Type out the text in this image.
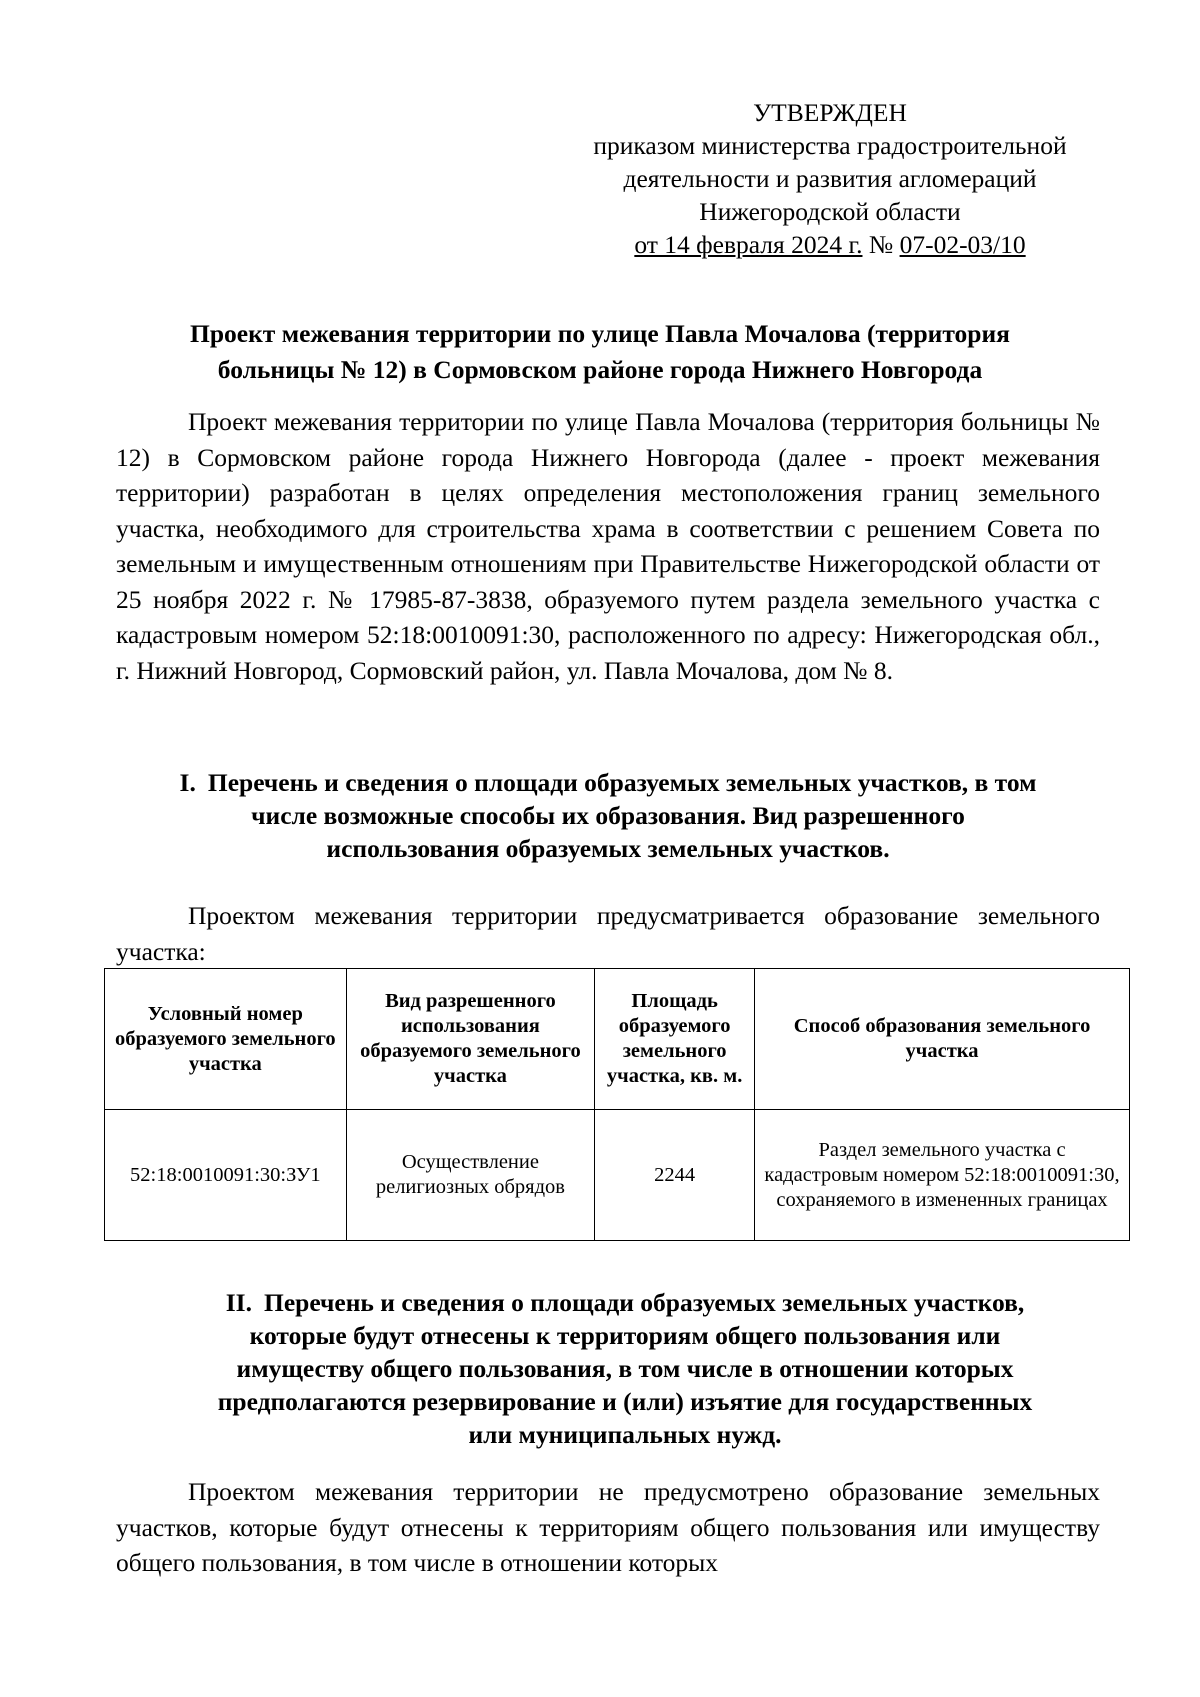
УТВЕРЖДЕН
приказом министерства градостроительной
деятельности и развития агломераций
Нижегородской области
от 14 февраля 2024 г. № 07-02-03/10
Проект межевания территории по улице Павла Мочалова (территория
больницы № 12) в Сормовском районе города Нижнего Новгорода
Проект межевания территории по улице Павла Мочалова (территория больницы № 12) в Сормовском районе города Нижнего Новгорода (далее - проект межевания территории) разработан в целях определения местоположения границ земельного участка, необходимого для строительства храма в соответствии с решением Совета по земельным и имущественным отношениям при Правительстве Нижегородской области от 25 ноября 2022 г. № 17985-87-3838, образуемого путем раздела земельного участка с кадастровым номером 52:18:0010091:30, расположенного по адресу: Нижегородская обл., г. Нижний Новгород, Сормовский район, ул. Павла Мочалова, дом № 8.
I. Перечень и сведения о площади образуемых земельных участков, в том
числе возможные способы их образования. Вид разрешенного
использования образуемых земельных участков.
Проектом межевания территории предусматривается образование земельного участка:
Условный номер образуемого земельного участка	Вид разрешенного использования образуемого земельного участка	Площадь образуемого земельного участка, кв. м.	Способ образования земельного участка
52:18:0010091:30:ЗУ1	Осуществление религиозных обрядов	2244	Раздел земельного участка с кадастровым номером 52:18:0010091:30, сохраняемого в измененных границах
II. Перечень и сведения о площади образуемых земельных участков,
которые будут отнесены к территориям общего пользования или
имуществу общего пользования, в том числе в отношении которых
предполагаются резервирование и (или) изъятие для государственных
или муниципальных нужд.
Проектом межевания территории не предусмотрено образование земельных участков, которые будут отнесены к территориям общего пользования или имуществу общего пользования, в том числе в отношении которых
